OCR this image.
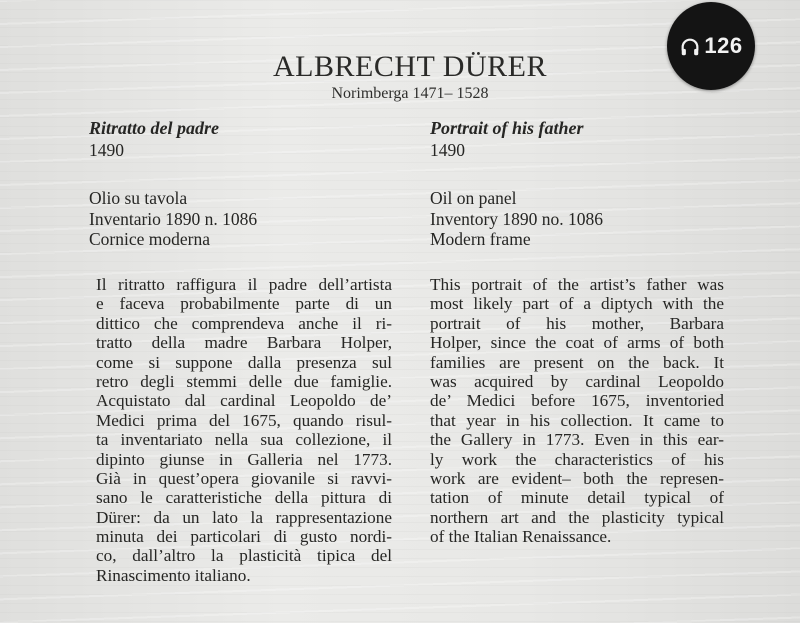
126
ALBRECHT DÜRER
Norimberga 1471– 1528
Ritratto del padre
1490
Portrait of his father
1490
Olio su tavola
Inventario 1890 n. 1086
Cornice moderna
Oil on panel
Inventory 1890 no. 1086
Modern frame
Il ritratto raffigura il padre dell’artista
e faceva probabilmente parte di un
dittico che comprendeva anche il ri-
tratto della madre Barbara Holper,
come si suppone dalla presenza sul
retro degli stemmi delle due famiglie.
Acquistato dal cardinal Leopoldo de’
Medici prima del 1675, quando risul-
ta inventariato nella sua collezione, il
dipinto giunse in Galleria nel 1773.
Già in quest’opera giovanile si ravvi-
sano le caratteristiche della pittura di
Dürer: da un lato la rappresentazione
minuta dei particolari di gusto nordi-
co, dall’altro la plasticità tipica del
Rinascimento italiano.
This portrait of the artist’s father was
most likely part of a diptych with the
portrait of his mother, Barbara
Holper, since the coat of arms of both
families are present on the back. It
was acquired by cardinal Leopoldo
de’ Medici before 1675, inventoried
that year in his collection. It came to
the Gallery in 1773. Even in this ear-
ly work the characteristics of his
work are evident– both the represen-
tation of minute detail typical of
northern art and the plasticity typical
of the Italian Renaissance.
